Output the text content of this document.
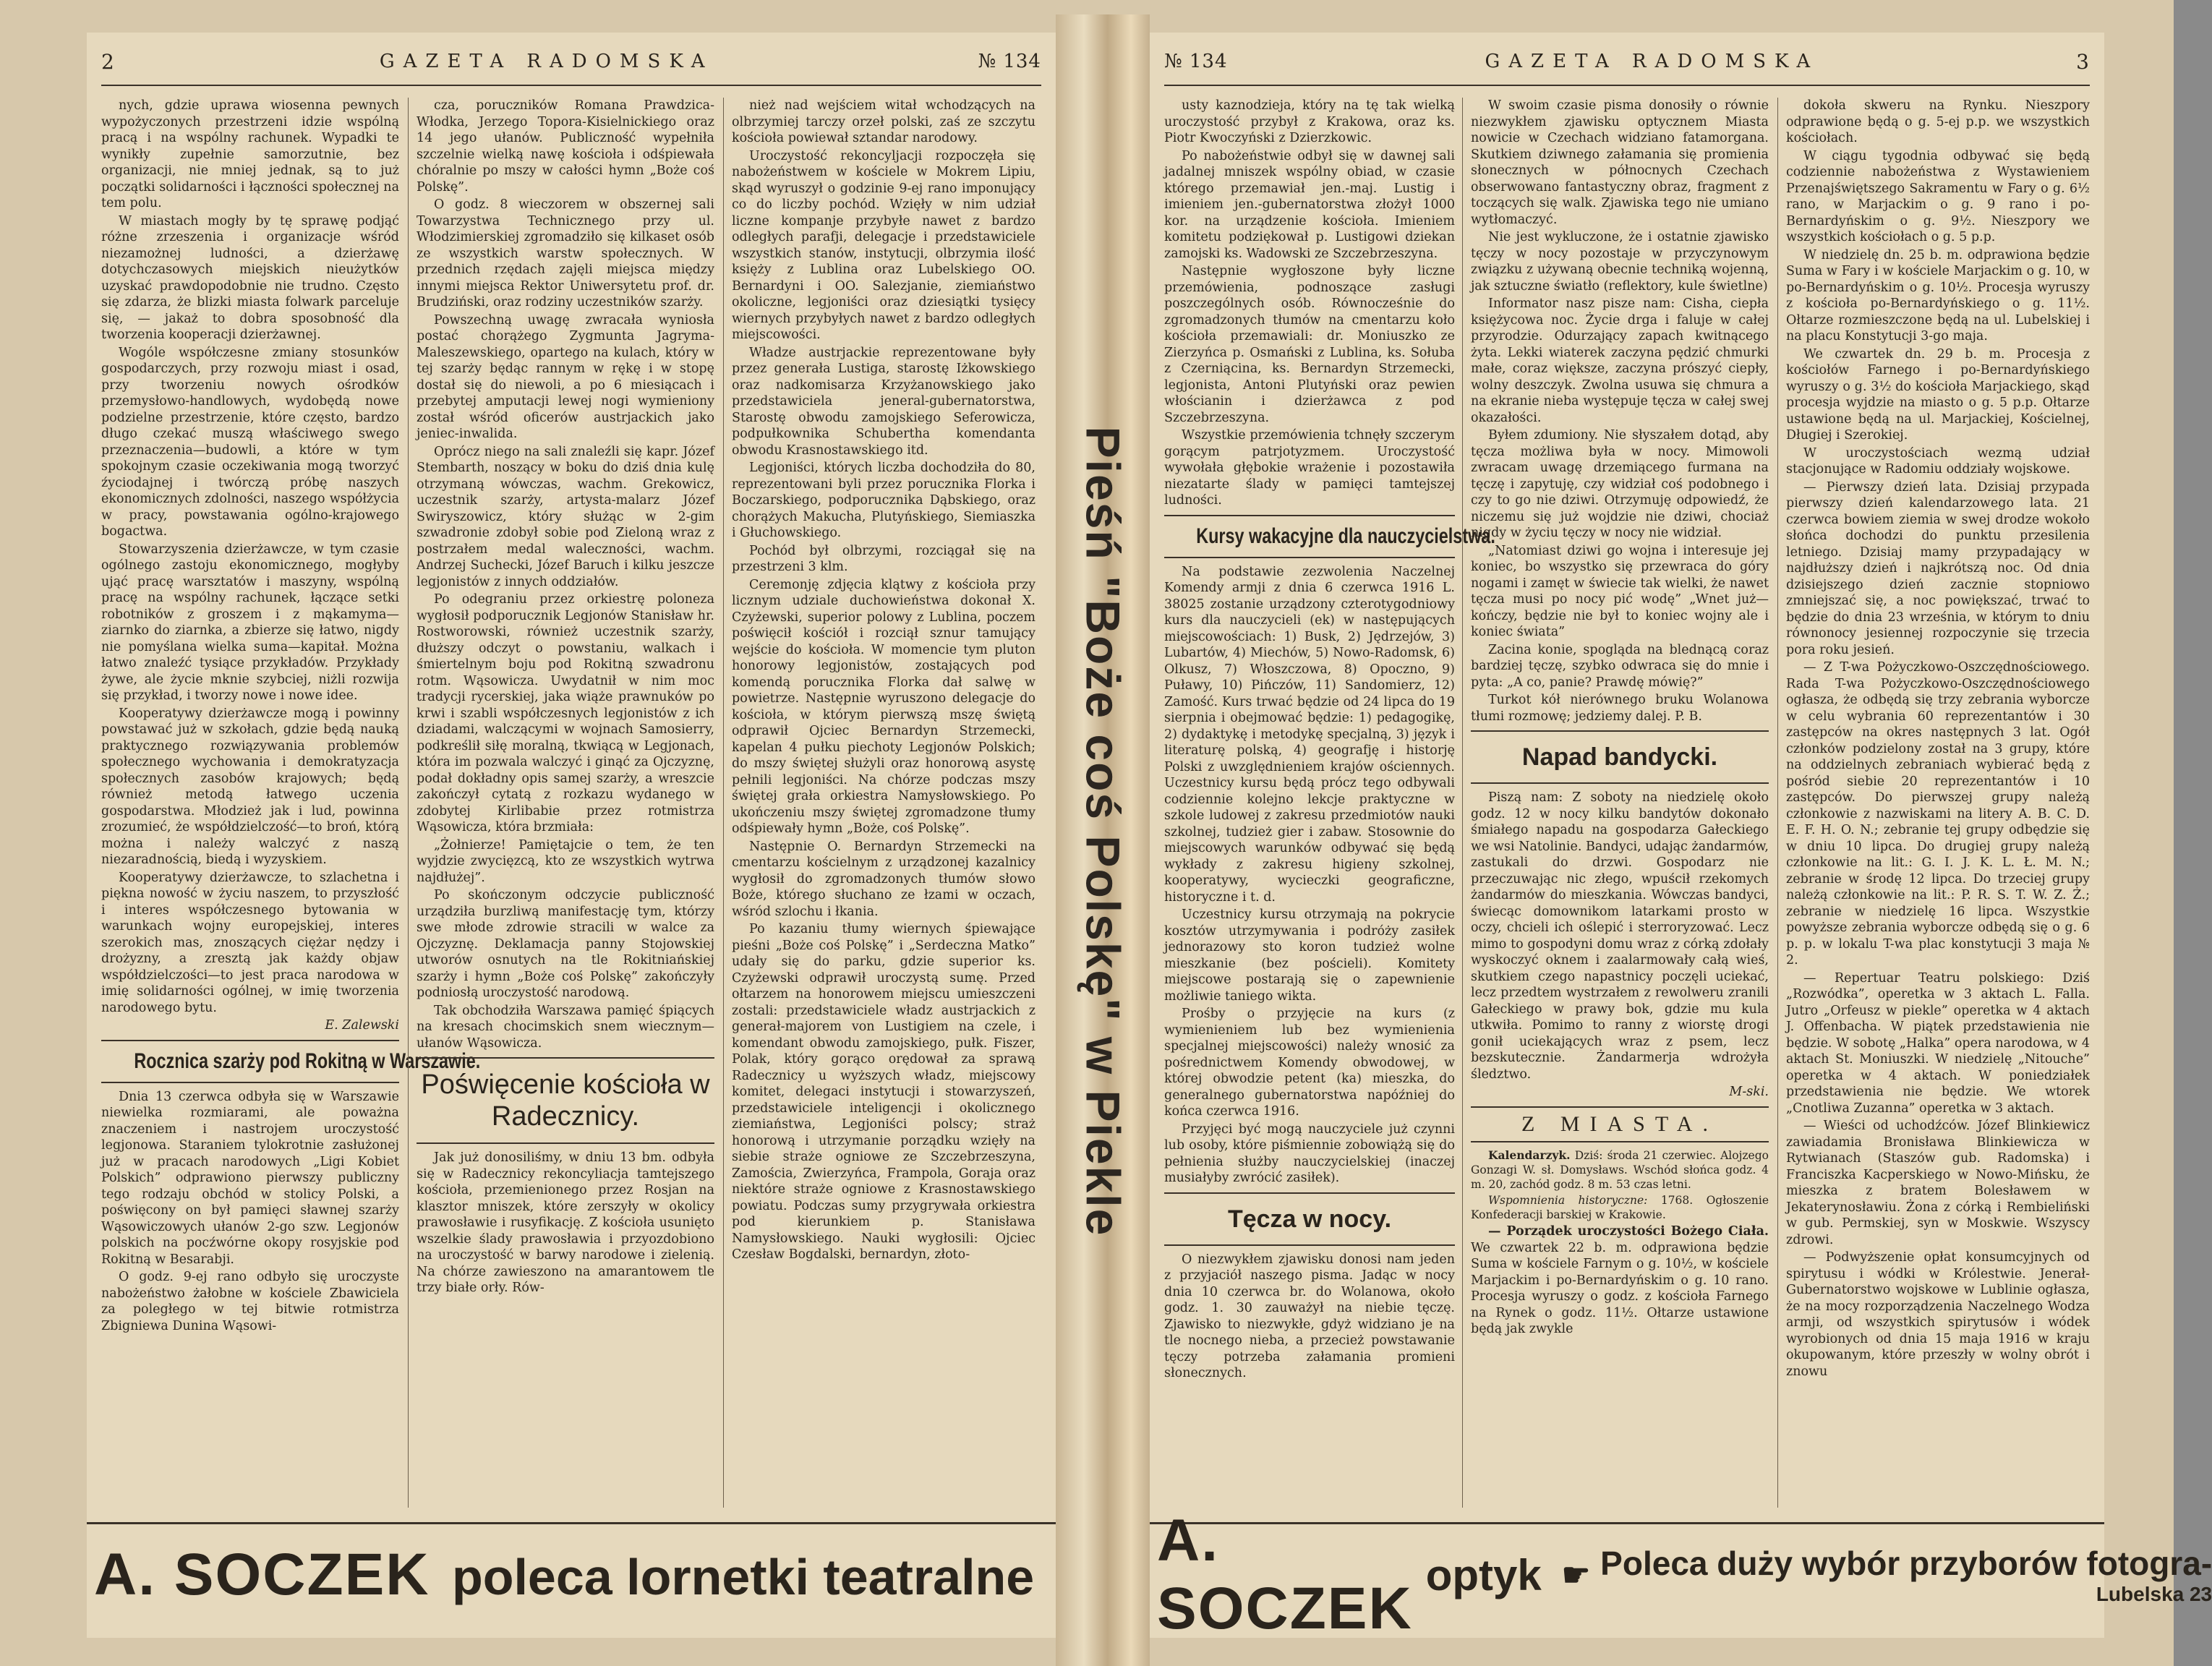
2	GAZETA RADOMSKA	№ 134

nych, gdzie uprawa wiosenna pewnych wypożyczonych przestrzeni idzie wspólną pracą i na wspólny rachunek. Wypadki te wynikły zupełnie samorzutnie, bez organizacji, nie mniej jednak, są to już początki solidarności i łączności społecznej na tem polu.

W miastach mogły by tę sprawę podjąć różne zrzeszenia i organizacje wśród niezamożnej ludności, a dzierżawę dotychczasowych miejskich nieużytków uzyskać prawdopodobnie nie trudno. Często się zdarza, że blizki miasta folwark parceluje się, — jakaż to dobra sposobność dla tworzenia kooperacji dzierżawnej.

Wogóle współczesne zmiany stosunków gospodarczych, przy rozwoju miast i osad, przy tworzeniu nowych ośrodków przemysłowo-handlowych, wydobędą nowe podzielne przestrzenie, które często, bardzo długo czekać muszą właściwego swego przeznaczenia—budowli, a które w tym spokojnym czasie oczekiwania mogą tworzyć źyciodajnej i twórczą próbę naszych ekonomicznych zdolności, naszego współżycia w pracy, powstawania ogólno-krajowego bogactwa.

Stowarzyszenia dzierżawcze, w tym czasie ogólnego zastoju ekonomicznego, mogłyby ująć pracę warsztatów i maszyny, wspólną pracę na wspólny rachunek, łączące setki robotników z groszem i z mąkamyma—ziarnko do ziarnka, a zbierze się łatwo, nigdy nie pomyślana wielka suma—kapitał. Można łatwo znaleźć tysiące przykładów. Przykłady żywe, ale życie mknie szybciej, niżli rozwija się przykład, i tworzy nowe i nowe idee.

Kooperatywy dzierżawcze mogą i powinny powstawać już w szkołach, gdzie będą nauką praktycznego rozwiązywania problemów społecznego wychowania i demokratyzacja społecznych zasobów krajowych; będą również metodą łatwego uczenia gospodarstwa. Młodzież jak i lud, powinna zrozumieć, że współdzielczość—to broń, którą można i należy walczyć z naszą niezaradnością, biedą i wyzyskiem.

Kooperatywy dzierżawcze, to szlachetna i piękna nowość w życiu naszem, to przyszłość i interes współczesnego bytowania w warunkach wojny europejskiej, interes szerokich mas, znoszących ciężar nędzy i drożyzny, a zresztą jak każdy objaw współdzielczości—to jest praca narodowa w imię solidarności ogólnej, w imię tworzenia narodowego bytu.

E. Zalewski

Rocznica szarży pod Rokitną w Warszawie.

Dnia 13 czerwca odbyła się w Warszawie niewielka rozmiarami, ale poważna znaczeniem i nastrojem uroczystość legjonowa. Staraniem tylokrotnie zasłużonej już w pracach narodowych „Ligi Kobiet Polskich” odprawiono pierwszy publiczny tego rodzaju obchód w stolicy Polski, a poświęcony on był pamięci sławnej szarży Wąsowiczowych ułanów 2-go szw. Legjonów polskich na pocźwórne okopy rosyjskie pod Rokitną w Besarabji.

O godz. 9-ej rano odbyło się uroczyste nabożeństwo żałobne w kościele Zbawiciela za poległego w tej bitwie rotmistrza Zbigniewa Dunina Wąsowi-

cza, poruczników Romana Prawdzica-Włodka, Jerzego Topora-Kisielnickiego oraz 14 jego ułanów. Publiczność wypełniła szczelnie wielką nawę kościoła i odśpiewała chóralnie po mszy w całości hymn „Boże coś Polskę”.

O godz. 8 wieczorem w obszernej sali Towarzystwa Technicznego przy ul. Włodzimierskiej zgromadziło się kilkaset osób ze wszystkich warstw społecznych. W przednich rzędach zajęli miejsca między innymi miejsca Rektor Uniwersytetu prof. dr. Brudziński, oraz rodziny uczestników szarży.

Powszechną uwagę zwracała wyniosła postać chorążego Zygmunta Jagryma-Maleszewskiego, opartego na kulach, który w tej szarży będąc rannym w rękę i w stopę dostał się do niewoli, a po 6 miesiącach i przebytej amputacji lewej nogi wymieniony został wśród oficerów austrjackich jako jeniec-inwalida.

Oprócz niego na sali znaleźli się kapr. Józef Stembarth, noszący w boku do dziś dnia kulę otrzymaną wówczas, wachm. Grekowicz, uczestnik szarży, artysta-malarz Józef Swiryszowicz, który służąc w 2-gim szwadronie zdobył sobie pod Zieloną wraz z postrzałem medal waleczności, wachm. Andrzej Suchecki, Józef Baruch i kilku jeszcze legjonistów z innych oddziałów.

Po odegraniu przez orkiestrę poloneza wygłosił podporucznik Legjonów Stanisław hr. Rostworowski, również uczestnik szarży, dłuższy odczyt o powstaniu, walkach i śmiertelnym boju pod Rokitną szwadronu rotm. Wąsowicza. Uwydatnił w nim moc tradycji rycerskiej, jaka wiąże prawnuków po krwi i szabli współczesnych legjonistów z ich dziadami, walczącymi w wojnach Samosierry, podkreślił siłę moralną, tkwiącą w Legjonach, która im pozwala walczyć i ginąć za Ojczyznę, podał dokładny opis samej szarży, a wreszcie zakończył cytatą z rozkazu wydanego w zdobytej Kirlibabie przez rotmistrza Wąsowicza, która brzmiała:

„Żołnierze! Pamiętajcie o tem, że ten wyjdzie zwycięzcą, kto ze wszystkich wytrwa najdłużej”.

Po skończonym odczycie publiczność urządziła burzliwą manifestację tym, którzy swe młode zdrowie stracili w walce za Ojczyznę. Deklamacja panny Stojowskiej utworów osnutych na tle Rokitniańskiej szarży i hymn „Boże coś Polskę” zakończyły podniosłą uroczystość narodową.

Tak obchodziła Warszawa pamięć śpiących na kresach chocimskich snem wiecznym—ułanów Wąsowicza.

Poświęcenie kościoła w Radecznicy.

Jak już donosiliśmy, w dniu 13 bm. odbyła się w Radecznicy rekoncyliacja tamtejszego kościoła, przemienionego przez Rosjan na klasztor mniszek, które zerszyły w okolicy prawosławie i rusyfikację. Z kościoła usunięto wszelkie ślady prawosławia i przyozdobiono na uroczystość w barwy narodowe i zielenią. Na chórze zawieszono na amarantowem tle trzy białe orły. Rów-

nież nad wejściem witał wchodzących na olbrzymiej tarczy orzeł polski, zaś ze szczytu kościoła powiewał sztandar narodowy.

Uroczystość rekoncyljacji rozpoczęła się nabożeństwem w kościele w Mokrem Lipiu, skąd wyruszył o godzinie 9-ej rano imponujący co do liczby pochód. Wzięły w nim udział liczne kompanje przybyłe nawet z bardzo odległych parafji, delegacje i przedstawiciele wszystkich stanów, instytucji, olbrzymia ilość księży z Lublina oraz Lubelskiego OO. Bernardyni i OO. Salezjanie, ziemiaństwo okoliczne, legjoniści oraz dziesiątki tysięcy wiernych przybyłych nawet z bardzo odległych miejscowości.

Władze austrjackie reprezentowane były przez generała Lustiga, starostę Iżkowskiego oraz nadkomisarza Krzyżanowskiego jako przedstawiciela jeneral-gubernatorstwa, Starostę obwodu zamojskiego Seferowicza, podpułkownika Schubertha komendanta obwodu Krasnostawskiego itd.

Legjoniści, których liczba dochodziła do 80, reprezentowani byli przez porucznika Florka i Boczarskiego, podporucznika Dąbskiego, oraz chorążych Makucha, Plutyńskiego, Siemiaszka i Głuchowskiego.

Pochód był olbrzymi, rozciągał się na przestrzeni 3 klm.

Ceremonję zdjęcia klątwy z kościoła przy licznym udziale duchowieństwa dokonał X. Czyżewski, superior polowy z Lublina, poczem poświęcił kościół i rozciął sznur tamujący wejście do kościoła. W momencie tym pluton honorowy legjonistów, zostających pod komendą porucznika Florka dał salwę w powietrze. Następnie wyruszono delegacje do kościoła, w którym pierwszą mszę świętą odprawił Ojciec Bernardyn Strzemecki, kapelan 4 pułku piechoty Legjonów Polskich; do mszy świętej służyli oraz honorową asystę pełnili legjoniści. Na chórze podczas mszy świętej grała orkiestra Namysłowskiego. Po ukończeniu mszy świętej zgromadzone tłumy odśpiewały hymn „Boże, coś Polskę”.

Następnie O. Bernardyn Strzemecki na cmentarzu kościelnym z urządzonej kazalnicy wygłosił do zgromadzonych tłumów słowo Boże, którego słuchano ze łzami w oczach, wśród szlochu i łkania.

Po kazaniu tłumy wiernych śpiewające pieśni „Boże coś Polskę” i „Serdeczna Matko” udały się do parku, gdzie superior ks. Czyżewski odprawił uroczystą sumę. Przed ołtarzem na honorowem miejscu umieszczeni zostali: przedstawiciele władz austrjackich z generał-majorem von Lustigiem na czele, i komendant obwodu zamojskiego, pułk. Fiszer, Polak, który gorąco orędował za sprawą Radecznicy u wyższych władz, miejscowy komitet, delegaci instytucji i stowarzyszeń, przedstawiciele inteligencji i okolicznego ziemiaństwa, Legjoniści polscy; straż honorową i utrzymanie porządku wzięły na siebie straże ogniowe ze Szczebrzeszyna, Zamościa, Zwierzyńca, Frampola, Goraja oraz niektóre straże ogniowe z Krasnostawskiego powiatu. Podczas sumy przygrywała orkiestra pod kierunkiem p. Stanisława Namysłowskiego. Nauki wygłosili: Ojciec Czesław Bogdalski, bernardyn, złoto-

A. SOCZEK poleca lornetki teatralne
Pieśń "Boże coś Polskę" w Piekle
№ 134	GAZETA RADOMSKA	3

usty kaznodzieja, który na tę tak wielką uroczystość przybył z Krakowa, oraz ks. Piotr Kwoczyński z Dzierzkowic.

Po nabożeństwie odbył się w dawnej sali jadalnej mniszek wspólny obiad, w czasie którego przemawiał jen.-maj. Lustig i imieniem jen.-gubernatorstwa złożył 1000 kor. na urządzenie kościoła. Imieniem komitetu podziękował p. Lustigowi dziekan zamojski ks. Wadowski ze Szczebrzeszyna.

Następnie wygłoszone były liczne przemówienia, podnoszące zasługi poszczególnych osób. Równocześnie do zgromadzonych tłumów na cmentarzu koło kościoła przemawiali: dr. Moniuszko ze Zierzyńca p. Osmański z Lublina, ks. Sołuba z Czerniącina, ks. Bernardyn Strzemecki, legjonista, Antoni Plutyński oraz pewien włościanin i dzierżawca z pod Szczebrzeszyna.

Wszystkie przemówienia tchnęły szczerym gorącym patrjotyzmem. Uroczystość wywołała głębokie wrażenie i pozostawiła niezatarte ślady w pamięci tamtejszej ludności.

Kursy wakacyjne dla nauczycielstwa.

Na podstawie zezwolenia Naczelnej Komendy armji z dnia 6 czerwca 1916 L. 38025 zostanie urządzony czterotygodniowy kurs dla nauczycieli (ek) w następujących miejscowościach: 1) Busk, 2) Jędrzejów, 3) Lubartów, 4) Miechów, 5) Nowo-Radomsk, 6) Olkusz, 7) Włoszczowa, 8) Opoczno, 9) Puławy, 10) Pińczów, 11) Sandomierz, 12) Zamość. Kurs trwać będzie od 24 lipca do 19 sierpnia i obejmować będzie: 1) pedagogikę, 2) dydaktykę i metodykę specjalną, 3) język i literaturę polską, 4) geografję i historję Polski z uwzględnieniem krajów ościennych. Uczestnicy kursu będą prócz tego odbywali codziennie kolejno lekcje praktyczne w szkole ludowej z zakresu przedmiotów nauki szkolnej, tudzież gier i zabaw. Stosownie do miejscowych warunków odbywać się będą wykłady z zakresu higieny szkolnej, kooperatywy, wycieczki geograficzne, historyczne i t. d.

Uczestnicy kursu otrzymają na pokrycie kosztów utrzymywania i podróży zasiłek jednorazowy sto koron tudzież wolne mieszkanie (bez pościeli). Komitety miejscowe postarają się o zapewnienie możliwie taniego wikta.

Prośby o przyjęcie na kurs (z wymienieniem lub bez wymienienia specjalnej miejscowości) należy wnosić za pośrednictwem Komendy obwodowej, w której obwodzie petent (ka) mieszka, do generalnego gubernatorstwa napóźniej do końca czerwca 1916.

Przyjęci być mogą nauczyciele już czynni lub osoby, które piśmiennie zobowiążą się do pełnienia służby nauczycielskiej (inaczej musiałyby zwrócić zasiłek).

Tęcza w nocy.

O niezwykłem zjawisku donosi nam jeden z przyjaciół naszego pisma. Jadąc w nocy dnia 10 czerwca br. do Wolanowa, około godz. 1. 30 zauważył na niebie tęczę. Zjawisko to niezwykłe, gdyż widziano je na tle nocnego nieba, a przecież powstawanie tęczy potrzeba załamania promieni słonecznych.

W swoim czasie pisma donosiły o równie niezwykłem zjawisku optycznem Miasta nowicie w Czechach widziano fatamorgana. Skutkiem dziwnego załamania się promienia słonecznych w północnych Czechach obserwowano fantastyczny obraz, fragment z toczących się walk. Zjawiska tego nie umiano wytłomaczyć.

Nie jest wykluczone, że i ostatnie zjawisko tęczy w nocy pozostaje w przyczynowym związku z używaną obecnie techniką wojenną, jak sztuczne światło (reflektory, kule świetlne)

Informator nasz pisze nam: Cisha, ciepła księżycowa noc. Życie drga i faluje w całej przyrodzie. Odurzający zapach kwitnącego żyta. Lekki wiaterek zaczyna pędzić chmurki małe, coraz większe, zaczyna prószyć ciepły, wolny deszczyk. Zwolna usuwa się chmura a na ekranie nieba występuje tęcza w całej swej okazałości.

Byłem zdumiony. Nie słyszałem dotąd, aby tęcza możliwa była w nocy. Mimowoli zwracam uwagę drzemiącego furmana na tęczę i zapytuję, czy widział coś podobnego i czy to go nie dziwi. Otrzymuję odpowiedź, że niczemu się już wojdzie nie dziwi, chociaż nigdy w życiu tęczy w nocy nie widział.

„Natomiast dziwi go wojna i interesuje jej koniec, bo wszystko się przewraca do góry nogami i zamęt w świecie tak wielki, że nawet tęcza musi po nocy pić wodę” „Wnet już—kończy, będzie nie był to koniec wojny ale i koniec świata”

Zacina konie, spogląda na blednącą coraz bardziej tęczę, szybko odwraca się do mnie i pyta: „A co, panie? Prawdę mówię?”

Turkot kół nierównego bruku Wolanowa tłumi rozmowę; jedziemy dalej. P. B.

Napad bandycki.

Piszą nam: Z soboty na niedzielę około godz. 12 w nocy kilku bandytów dokonało śmiałego napadu na gospodarza Gałeckiego we wsi Natolinie. Bandyci, udając żandarmów, zastukali do drzwi. Gospodarz nie przeczuwając nic złego, wpuścił rzekomych żandarmów do mieszkania. Wówczas bandyci, świecąc domownikom latarkami prosto w oczy, chcieli ich oślepić i sterroryzować. Lecz mimo to gospodyni domu wraz z córką zdołały wyskoczyć oknem i zaalarmowały całą wieś, skutkiem czego napastnicy poczęli uciekać, lecz przedtem wystrzałem z rewolweru zranili Gałeckiego w prawy bok, gdzie mu kula utkwiła. Pomimo to ranny z wiorstę drogi gonił uciekających wraz z psem, lecz bezskutecznie. Żandarmerja wdrożyła śledztwo.

M-ski.

Z MIASTA.

Kalendarzyk. Dziś: środa 21 czerwiec. Alojzego Gonzagi W. sł. Domysławs. Wschód słońca godz. 4 m. 20, zachód godz. 8 m. 53 czas letni.

Wspomnienia historyczne: 1768. Ogłoszenie Konfederacji barskiej w Krakowie.

— Porządek uroczystości Bożego Ciała. We czwartek 22 b. m. odprawiona będzie Suma w kościele Farnym o g. 10½, w kościele Marjackim i po-Bernardyńskim o g. 10 rano. Procesja wyruszy o godz. z kościoła Farnego na Rynek o godz. 11½. Ołtarze ustawione będą jak zwykle

dokoła skweru na Rynku. Nieszpory odprawione będą o g. 5-ej p.p. we wszystkich kościołach.

W ciągu tygodnia odbywać się będą codziennie nabożeństwa z Wystawieniem Przenajświętszego Sakramentu w Fary o g. 6½ rano, w Marjackim o g. 9 rano i po-Bernardyńskim o g. 9½. Nieszpory we wszystkich kościołach o g. 5 p.p.

W niedzielę dn. 25 b. m. odprawiona będzie Suma w Fary i w kościele Marjackim o g. 10, w po-Bernardyńskim o g. 10½. Procesja wyruszy z kościoła po-Bernardyńskiego o g. 11½. Ołtarze rozmieszczone będą na ul. Lubelskiej i na placu Konstytucji 3-go maja.

We czwartek dn. 29 b. m. Procesja z kościołów Farnego i po-Bernardyńskiego wyruszy o g. 3½ do kościoła Marjackiego, skąd procesja wyjdzie na miasto o g. 5 p.p. Ołtarze ustawione będą na ul. Marjackiej, Kościelnej, Długiej i Szerokiej.

W uroczystościach wezmą udział stacjonujące w Radomiu oddziały wojskowe.

— Pierwszy dzień lata. Dzisiaj przypada pierwszy dzień kalendarzowego lata. 21 czerwca bowiem ziemia w swej drodze wokoło słońca dochodzi do punktu przesilenia letniego. Dzisiaj mamy przypadający w najdłuższy dzień i najkrótszą noc. Od dnia dzisiejszego dzień zacznie stopniowo zmniejszać się, a noc powiększać, trwać to będzie do dnia 23 września, w którym to dniu równonocy jesiennej rozpoczynie się trzecia pora roku jesień.

— Z T-wa Pożyczkowo-Oszczędnościowego. Rada T-wa Pożyczkowo-Oszczędnościowego ogłasza, że odbędą się trzy zebrania wyborcze w celu wybrania 60 reprezentantów i 30 zastępców na okres następnych 3 lat. Ogół członków podzielony został na 3 grupy, które na oddzielnych zebraniach wybierać będą z pośród siebie 20 reprezentantów i 10 zastępców. Do pierwszej grupy należą członkowie z nazwiskami na litery A. B. C. D. E. F. H. O. N.; zebranie tej grupy odbędzie się w dniu 10 lipca. Do drugiej grupy należą członkowie na lit.: G. I. J. K. L. Ł. M. N.; zebranie w środę 12 lipca. Do trzeciej grupy należą członkowie na lit.: P. R. S. T. W. Z. Ż.; zebranie w niedzielę 16 lipca. Wszystkie powyższe zebrania wyborcze odbędą się o g. 6 p. p. w lokalu T-wa plac konstytucji 3 maja № 2.

— Repertuar Teatru polskiego: Dziś „Rozwódka”, operetka w 3 aktach L. Falla. Jutro „Orfeusz w piekle” operetka w 4 aktach J. Offenbacha. W piątek przedstawienia nie będzie. W sobotę „Halka” opera narodowa, w 4 aktach St. Moniuszki. W niedzielę „Nitouche” operetka w 4 aktach. W poniedziałek przedstawienia nie będzie. We wtorek „Cnotliwa Zuzanna” operetka w 3 aktach.

— Wieści od uchodźców. Józef Blinkiewicz zawiadamia Bronisława Blinkiewicza w Rytwianach (Staszów gub. Radomska) i Franciszka Kacperskiego w Nowo-Mińsku, że mieszka z bratem Bolesławem w Jekaterynosławiu. Żona z córką i Rembieliński w gub. Permskiej, syn w Moskwie. Wszyscy zdrowi.

— Podwyższenie opłat konsumcyjnych od spirytusu i wódki w Królestwie. Jenerał-Gubernatorstwo wojskowe w Lublinie ogłasza, że na mocy rozporządzenia Naczelnego Wodza armji, od wszystkich spirytusów i wódek wyrobionych od dnia 15 maja 1916 w kraju okupowanym, które przeszły w wolny obrót i znowu

A. SOCZEK
optyk ☛ Poleca duży wybór przyborów fotogra-
Lubelska 23
